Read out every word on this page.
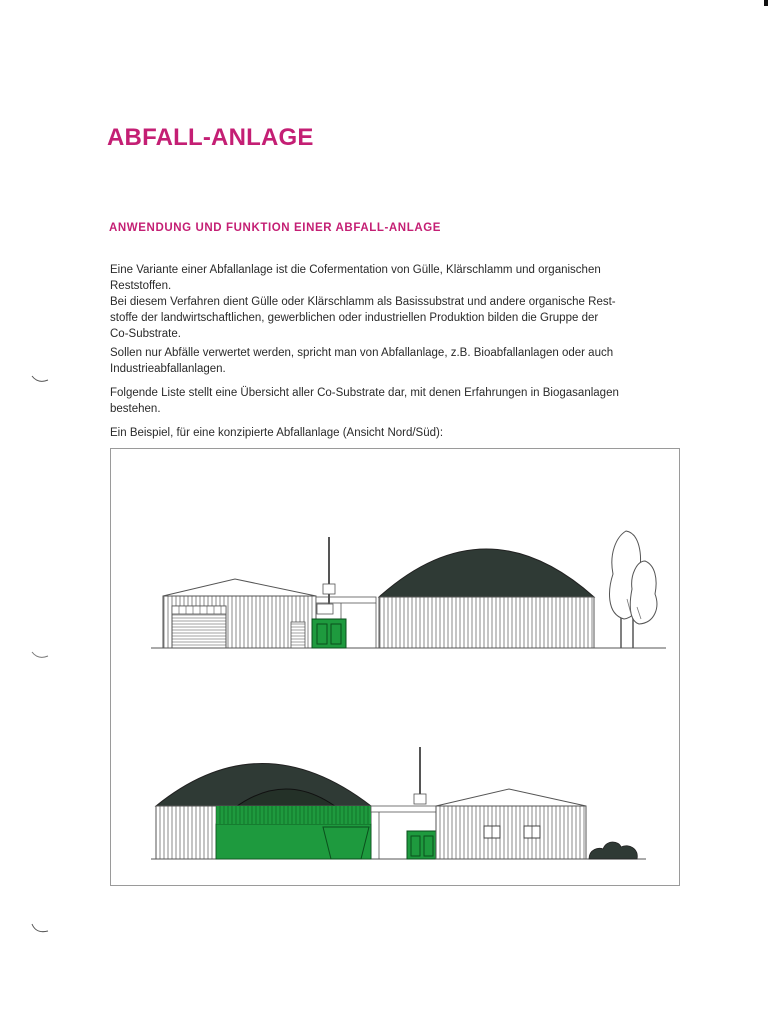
ABFALL-ANLAGE
ANWENDUNG UND FUNKTION EINER ABFALL-ANLAGE

Eine Variante einer Abfallanlage ist die Cofermentation von Gülle, Klärschlamm und organischen
Reststoffen.
Bei diesem Verfahren dient Gülle oder Klärschlamm als Basissubstrat und andere organische Rest-
stoffe der landwirtschaftlichen, gewerblichen oder industriellen Produktion bilden die Gruppe der
Co-Substrate.

Sollen nur Abfälle verwertet werden, spricht man von Abfallanlage, z.B. Bioabfallanlagen oder auch
Industrieabfallanlagen.

Folgende Liste stellt eine Übersicht aller Co-Substrate dar, mit denen Erfahrungen in Biogasanlagen
bestehen.

Ein Beispiel, für eine konzipierte Abfallanlage (Ansicht Nord/Süd):
